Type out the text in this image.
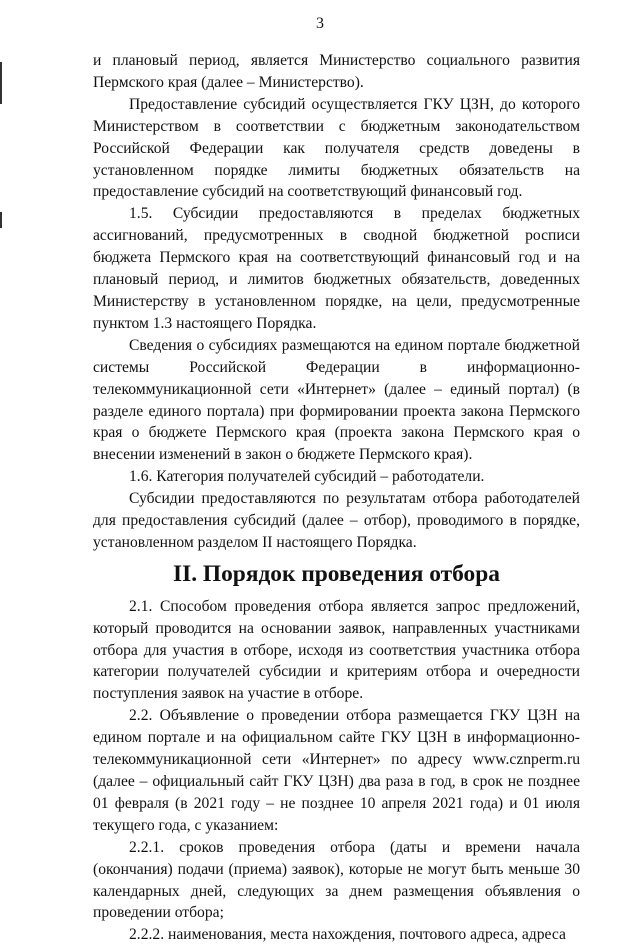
3

и плановый период, является Министерство социального развития Пермского края (далее – Министерство).

Предоставление субсидий осуществляется ГКУ ЦЗН, до которого Министерством в соответствии с бюджетным законодательством Российской Федерации как получателя средств доведены в установленном порядке лимиты бюджетных обязательств на предоставление субсидий на соответствующий финансовый год.

1.5. Субсидии предоставляются в пределах бюджетных ассигнований, предусмотренных в сводной бюджетной росписи бюджета Пермского края на соответствующий финансовый год и на плановый период, и лимитов бюджетных обязательств, доведенных Министерству в установленном порядке, на цели, предусмотренные пунктом 1.3 настоящего Порядка.

Сведения о субсидиях размещаются на едином портале бюджетной системы Российской Федерации в информационно-телекоммуникационной сети «Интернет» (далее – единый портал) (в разделе единого портала) при формировании проекта закона Пермского края о бюджете Пермского края (проекта закона Пермского края о внесении изменений в закон о бюджете Пермского края).

1.6. Категория получателей субсидий – работодатели.

Субсидии предоставляются по результатам отбора работодателей для предоставления субсидий (далее – отбор), проводимого в порядке, установленном разделом II настоящего Порядка.

II. Порядок проведения отбора

2.1. Способом проведения отбора является запрос предложений, который проводится на основании заявок, направленных участниками отбора для участия в отборе, исходя из соответствия участника отбора категории получателей субсидии и критериям отбора и очередности поступления заявок на участие в отборе.

2.2. Объявление о проведении отбора размещается ГКУ ЦЗН на едином портале и на официальном сайте ГКУ ЦЗН в информационно-телекоммуникационной сети «Интернет» по адресу www.cznperm.ru (далее – официальный сайт ГКУ ЦЗН) два раза в год, в срок не позднее 01 февраля (в 2021 году – не позднее 10 апреля 2021 года) и 01 июля текущего года, с указанием:

2.2.1. сроков проведения отбора (даты и времени начала (окончания) подачи (приема) заявок), которые не могут быть меньше 30 календарных дней, следующих за днем размещения объявления о проведении отбора;

2.2.2. наименования, места нахождения, почтового адреса, адреса
